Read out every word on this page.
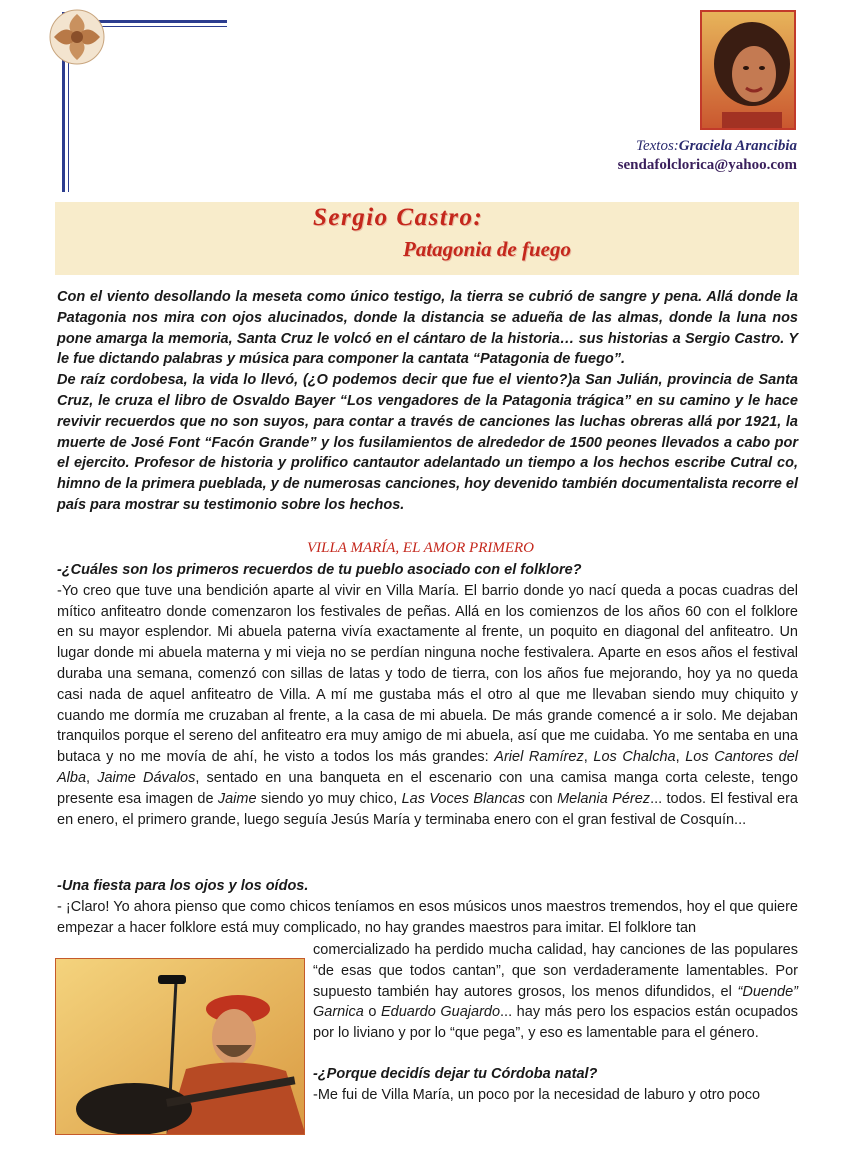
Textos:Graciela Arancibia
sendafolclorica@yahoo.com
Sergio Castro:
Patagonia de fuego

Con el viento desollando la meseta como único testigo, la tierra se cubrió de sangre y pena. Allá donde la Patagonia nos mira con ojos alucinados, donde la distancia se adueña de las almas, donde la luna nos pone amarga la memoria, Santa Cruz le volcó en el cántaro de la historia… sus historias a Sergio Castro. Y le fue dictando palabras y música para componer la cantata “Patagonia de fuego”.

De raíz cordobesa, la vida lo llevó, (¿O podemos decir que fue el viento?)a San Julián, provincia de Santa Cruz, le cruza el libro de Osvaldo Bayer “Los vengadores de la Patagonia trágica” en su camino y le hace revivir recuerdos que no son suyos, para contar a través de canciones las luchas obreras allá por 1921, la muerte de José Font “Facón Grande” y los fusilamientos de alrededor de 1500 peones llevados a cabo por el ejercito. Profesor de historia y prolifico cantautor adelantado un tiempo a los hechos escribe Cutral co, himno de la primera pueblada, y de numerosas canciones, hoy devenido también documentalista recorre el país para mostrar su testimonio sobre los hechos.

VILLA MARÍA, EL AMOR PRIMERO

-¿Cuáles son los primeros recuerdos de tu pueblo asociado con el folklore?

-Yo creo que tuve una bendición aparte al vivir en Villa María. El barrio donde yo nací queda a pocas cuadras del mítico anfiteatro donde comenzaron los festivales de peñas. Allá en los comienzos de los años 60 con el folklore en su mayor esplendor. Mi abuela paterna vivía exactamente al frente, un poquito en diagonal del anfiteatro. Un lugar donde mi abuela materna y mi vieja no se perdían ninguna noche festivalera. Aparte en esos años el festival duraba una semana, comenzó con sillas de latas y todo de tierra, con los años fue mejorando, hoy ya no queda casi nada de aquel anfiteatro de Villa. A mí me gustaba más el otro al que me llevaban siendo muy chiquito y cuando me dormía me cruzaban al frente, a la casa de mi abuela. De más grande comencé a ir solo. Me dejaban tranquilos porque el sereno del anfiteatro era muy amigo de mi abuela, así que me cuidaba. Yo me sentaba en una butaca y no me movía de ahí, he visto a todos los más grandes: Ariel Ramírez, Los Chalcha, Los Cantores del Alba, Jaime Dávalos, sentado en una banqueta en el escenario con una camisa manga corta celeste, tengo presente esa imagen de Jaime siendo yo muy chico, Las Voces Blancas con Melania Pérez... todos. El festival era en enero, el primero grande, luego seguía Jesús María y terminaba enero con el gran festival de Cosquín...

-Una fiesta para los ojos y los oídos.

- ¡Claro! Yo ahora pienso que como chicos teníamos en esos músicos unos maestros tremendos, hoy el que quiere empezar a hacer folklore está muy complicado, no hay grandes maestros para imitar. El folklore tan

comercializado ha perdido mucha calidad, hay canciones de las populares “de esas que todos cantan”, que son verdaderamente lamentables. Por supuesto también hay autores grosos, los menos difundidos, el “Duende” Garnica o Eduardo Guajardo... hay más pero los espacios están ocupados por lo liviano y por lo “que pega”, y eso es lamentable para el género.

-¿Porque decidís dejar tu Córdoba natal?

-Me fui de Villa María, un poco por la necesidad de laburo y otro poco
